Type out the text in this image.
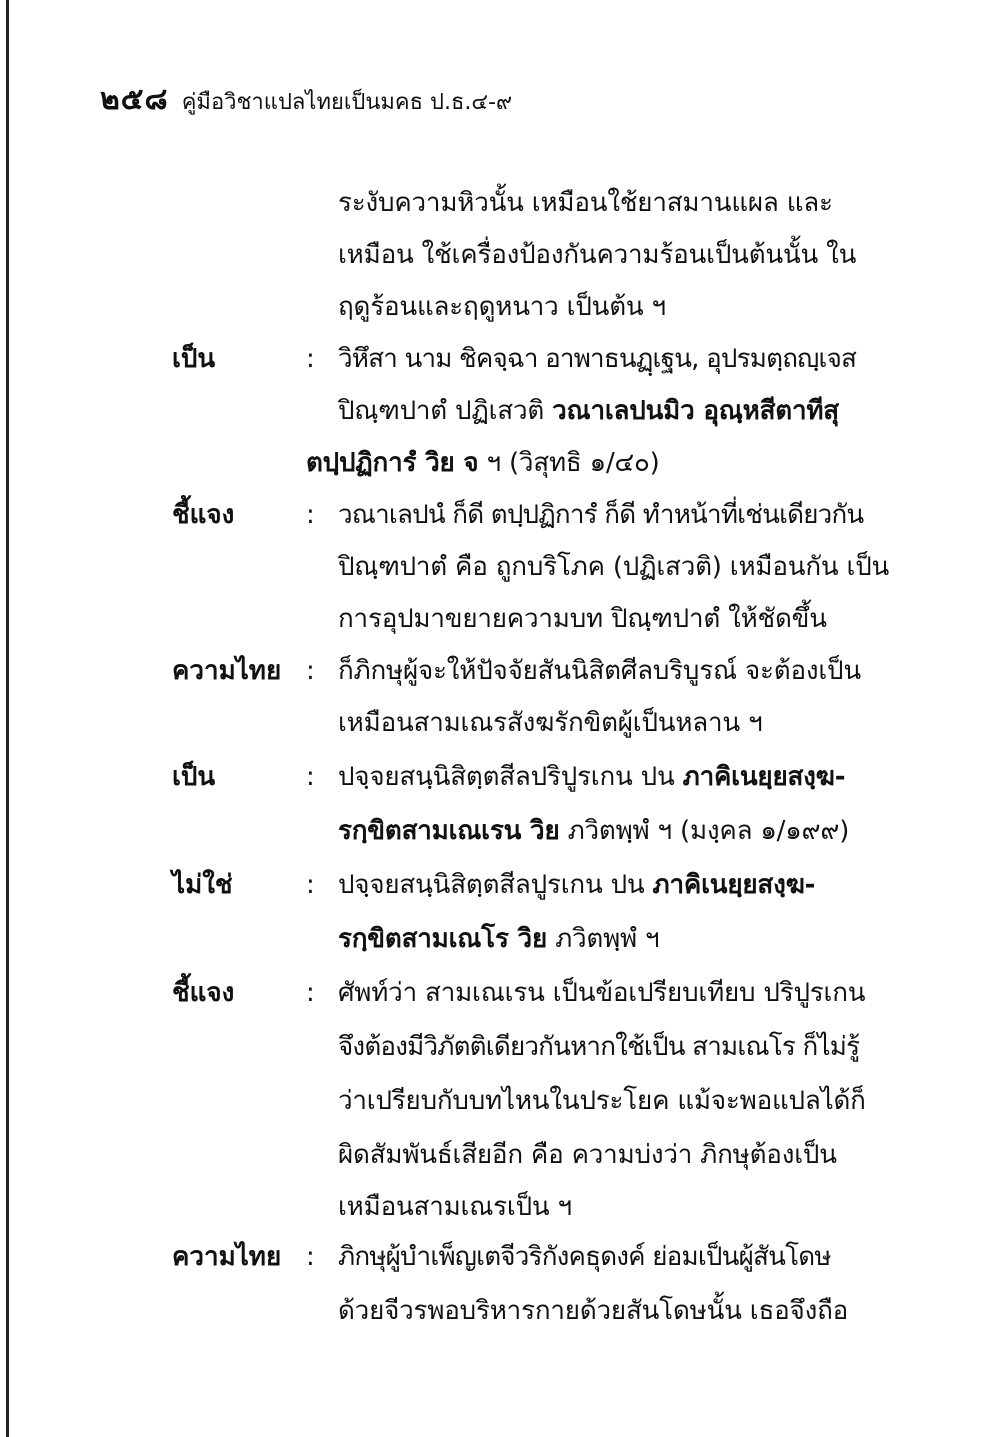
๒๕๘ คู่มือวิชาแปลไทยเป็นมคธ ป.ธ.๔-๙
ระงับความหิวนั้น เหมือนใช้ยาสมานแผล และ
เหมือน ใช้เครื่องป้องกันความร้อนเป็นต้นนั้น ใน
ฤดูร้อนและฤดูหนาว เป็นต้น ฯ
เป็น	: วิหึสา นาม ชิคจฺฉา อาพาธนฏฺเฐน, อุปรมตฺถญฺเจส
ปิณฺฑปาตํ ปฏิเสวติ วณาเลปนมิว อุณฺหสีตาทีสุ
ตปฺปฏิการํ วิย จ ฯ (วิสุทธิ ๑/๔๐)
ชี้แจง	: วณาเลปนํ ก็ดี ตปฺปฏิการํ ก็ดี ทำหน้าที่เช่นเดียวกัน
ปิณฺฑปาตํ คือ ถูกบริโภค (ปฏิเสวติ) เหมือนกัน เป็น
การอุปมาขยายความบท ปิณฺฑปาตํ ให้ชัดขึ้น
ความไทย : ก็ภิกษุผู้จะให้ปัจจัยสันนิสิตศีลบริบูรณ์ จะต้องเป็น
เหมือนสามเณรสังฆรักขิตผู้เป็นหลาน ฯ
เป็น	: ปจฺจยสนฺนิสิตฺตสีลปริปูรเกน ปน ภาคิเนยฺยสงฺฆ-
รกฺขิตสามเณเรน วิย ภวิตพฺพํ ฯ (มงฺคล ๑/๑๙๙)
ไม่ใช่	: ปจฺจยสนฺนิสิตฺตสีลปูรเกน ปน ภาคิเนยฺยสงฺฆ-
รกฺขิตสามเณโร วิย ภวิตพฺพํ ฯ
ชี้แจง	: ศัพท์ว่า สามเณเรน เป็นข้อเปรียบเทียบ ปริปูรเกน
จึงต้องมีวิภัตติเดียวกันหากใช้เป็น สามเณโร ก็ไม่รู้
ว่าเปรียบกับบทไหนในประโยค แม้จะพอแปลได้ก็
ผิดสัมพันธ์เสียอีก คือ ความบ่งว่า ภิกษุต้องเป็น
เหมือนสามเณรเป็น ฯ
ความไทย : ภิกษุผู้บำเพ็ญเตจีวริกังคธุดงค์ ย่อมเป็นผู้สันโดษ
ด้วยจีวรพอบริหารกายด้วยสันโดษนั้น เธอจึงถือ
